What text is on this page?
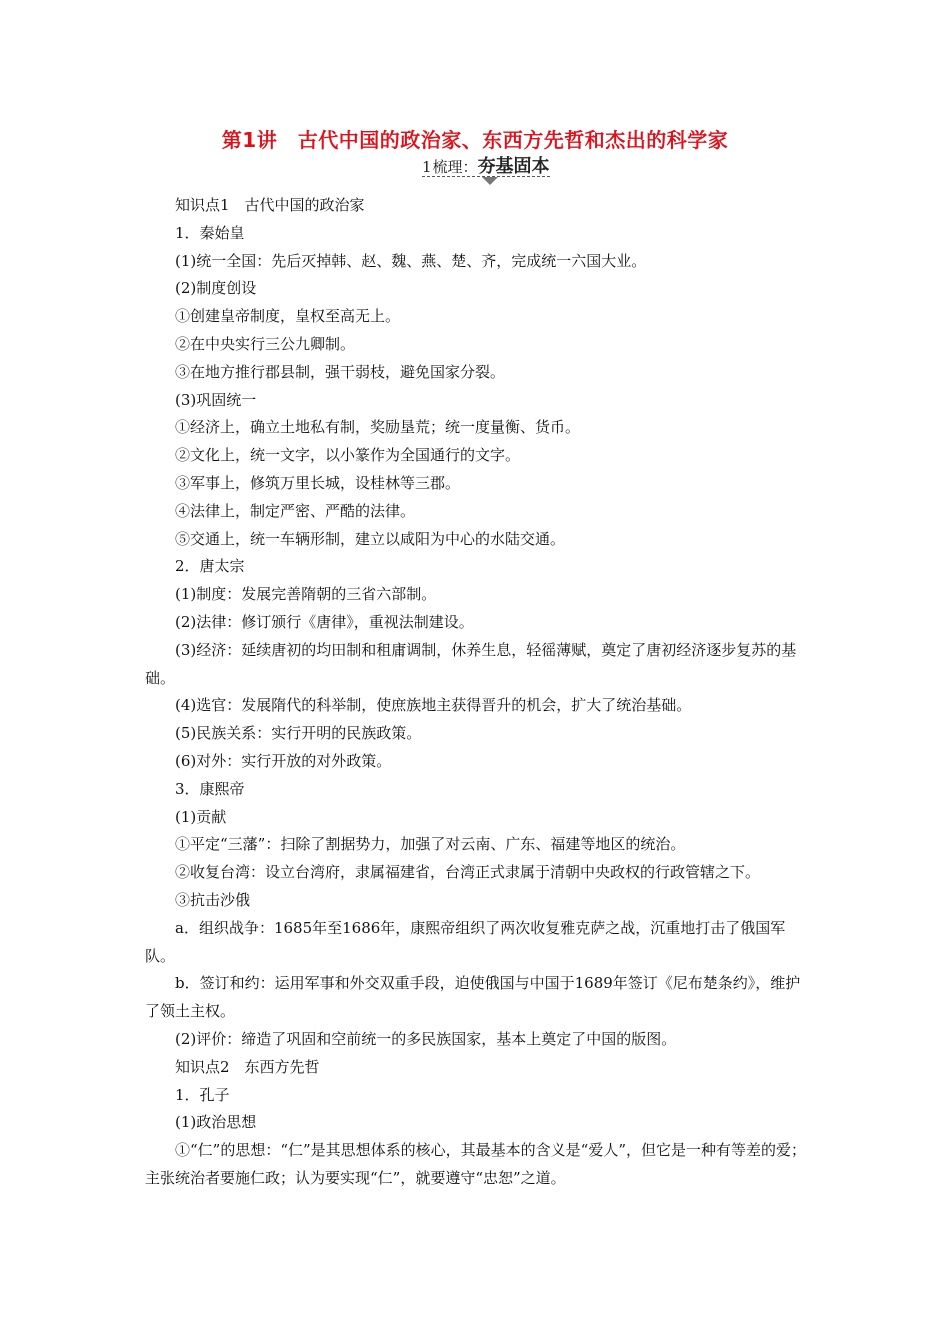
第1讲　古代中国的政治家、东西方先哲和杰出的科学家
1 梳理： 夯基固本

知识点1　古代中国的政治家

1．秦始皇

(1)统一全国：先后灭掉韩、赵、魏、燕、楚、齐，完成统一六国大业。

(2)制度创设

①创建皇帝制度，皇权至高无上。

②在中央实行三公九卿制。

③在地方推行郡县制，强干弱枝，避免国家分裂。

(3)巩固统一

①经济上，确立土地私有制，奖励垦荒；统一度量衡、货币。

②文化上，统一文字，以小篆作为全国通行的文字。

③军事上，修筑万里长城，设桂林等三郡。

④法律上，制定严密、严酷的法律。

⑤交通上，统一车辆形制，建立以咸阳为中心的水陆交通。

2．唐太宗

(1)制度：发展完善隋朝的三省六部制。

(2)法律：修订颁行《唐律》，重视法制建设。

(3)经济：延续唐初的均田制和租庸调制，休养生息，轻徭薄赋，奠定了唐初经济逐步复苏的基础。

(4)选官：发展隋代的科举制，使庶族地主获得晋升的机会，扩大了统治基础。

(5)民族关系：实行开明的民族政策。

(6)对外：实行开放的对外政策。

3．康熙帝

(1)贡献

①平定“三藩”：扫除了割据势力，加强了对云南、广东、福建等地区的统治。

②收复台湾：设立台湾府，隶属福建省，台湾正式隶属于清朝中央政权的行政管辖之下。

③抗击沙俄

a．组织战争：1685年至1686年，康熙帝组织了两次收复雅克萨之战，沉重地打击了俄国军队。

b．签订和约：运用军事和外交双重手段，迫使俄国与中国于1689年签订《尼布楚条约》，维护了领土主权。

(2)评价：缔造了巩固和空前统一的多民族国家，基本上奠定了中国的版图。

知识点2　东西方先哲

1．孔子

(1)政治思想

①“仁”的思想：“仁”是其思想体系的核心，其最基本的含义是“爱人”，但它是一种有等差的爱；主张统治者要施仁政；认为要实现“仁”，就要遵守“忠恕”之道。
